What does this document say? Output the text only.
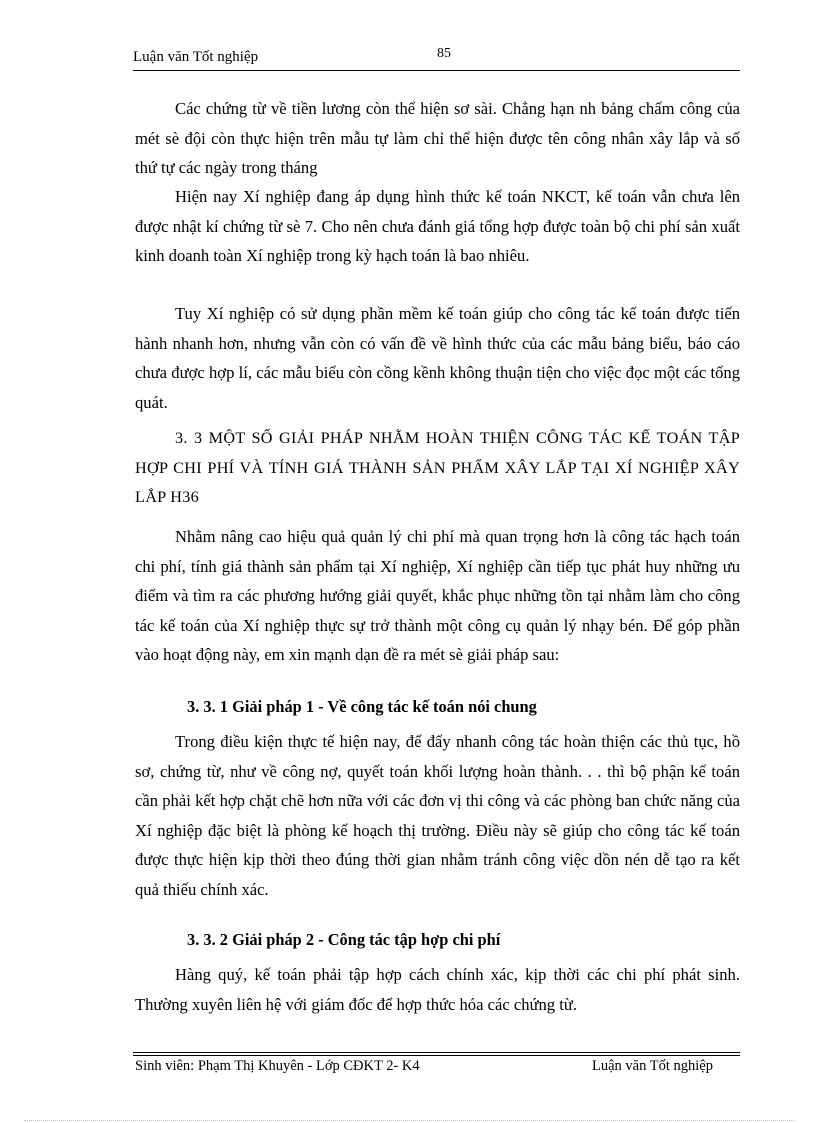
Luận văn Tốt nghiệp	85
Các chứng từ về tiền lương còn thể hiện sơ sài. Chẳng hạn nh bảng chấm công của mét sè đội còn thực hiện trên mẫu tự làm chỉ thể hiện được tên công nhân xây lắp và số thứ tự các ngày trong tháng
Hiện nay Xí nghiệp đang áp dụng hình thức kế toán NKCT, kế toán vẫn chưa lên được nhật kí chứng từ sè 7. Cho nên chưa đánh giá tổng hợp được toàn bộ chi phí sản xuất kinh doanh toàn Xí nghiệp trong kỳ hạch toán là bao nhiêu.
Tuy Xí nghiệp có sử dụng phần mềm kế toán giúp cho công tác kế toán được tiến hành nhanh hơn, nhưng vẫn còn có vấn đề về hình thức của các mẫu bảng biểu, báo cáo chưa được hợp lí, các mẫu biểu còn cồng kềnh không thuận tiện cho việc đọc một các tổng quát.
3. 3 MỘT SỐ GIẢI PHÁP NHẰM HOÀN THIỆN CÔNG TÁC KẾ TOÁN TẬP HỢP CHI PHÍ VÀ TÍNH GIÁ THÀNH SẢN PHẨM XÂY LẮP TẠI XÍ NGHIỆP XÂY LẮP H36
Nhằm nâng cao hiệu quả quản lý chi phí mà quan trọng hơn là công tác hạch toán chi phí, tính giá thành sản phẩm tại Xí nghiệp, Xí nghiệp cần tiếp tục phát huy những ưu điểm và tìm ra các phương hướng giải quyết, khắc phục những tồn tại nhằm làm cho công tác kế toán của Xí nghiệp thực sự trở thành một công cụ quản lý nhạy bén. Để góp phần vào hoạt động này, em xin mạnh dạn đề ra mét sè giải pháp sau:
3. 3. 1 Giải pháp 1 - Về công tác kế toán nói chung
Trong điều kiện thực tế hiện nay, để đẩy nhanh công tác hoàn thiện các thủ tục, hồ sơ, chứng từ, như về công nợ, quyết toán khối lượng hoàn thành. . . thì bộ phận kế toán cần phải kết hợp chặt chẽ hơn nữa với các đơn vị thi công và các phòng ban chức năng của Xí nghiệp đặc biệt là phòng kế hoạch thị trường. Điều này sẽ giúp cho công tác kế toán được thực hiện kịp thời theo đúng thời gian nhằm tránh công việc dồn nén dễ tạo ra kết quả thiếu chính xác.
3. 3. 2 Giải pháp 2 - Công tác tập hợp chi phí
Hàng quý, kế toán phải tập hợp cách chính xác, kịp thời các chi phí phát sinh. Thường xuyên liên hệ với giám đốc để hợp thức hóa các chứng từ.
Sinh viên: Phạm Thị Khuyên - Lớp CĐKT 2- K4	Luận văn Tốt nghiệp
